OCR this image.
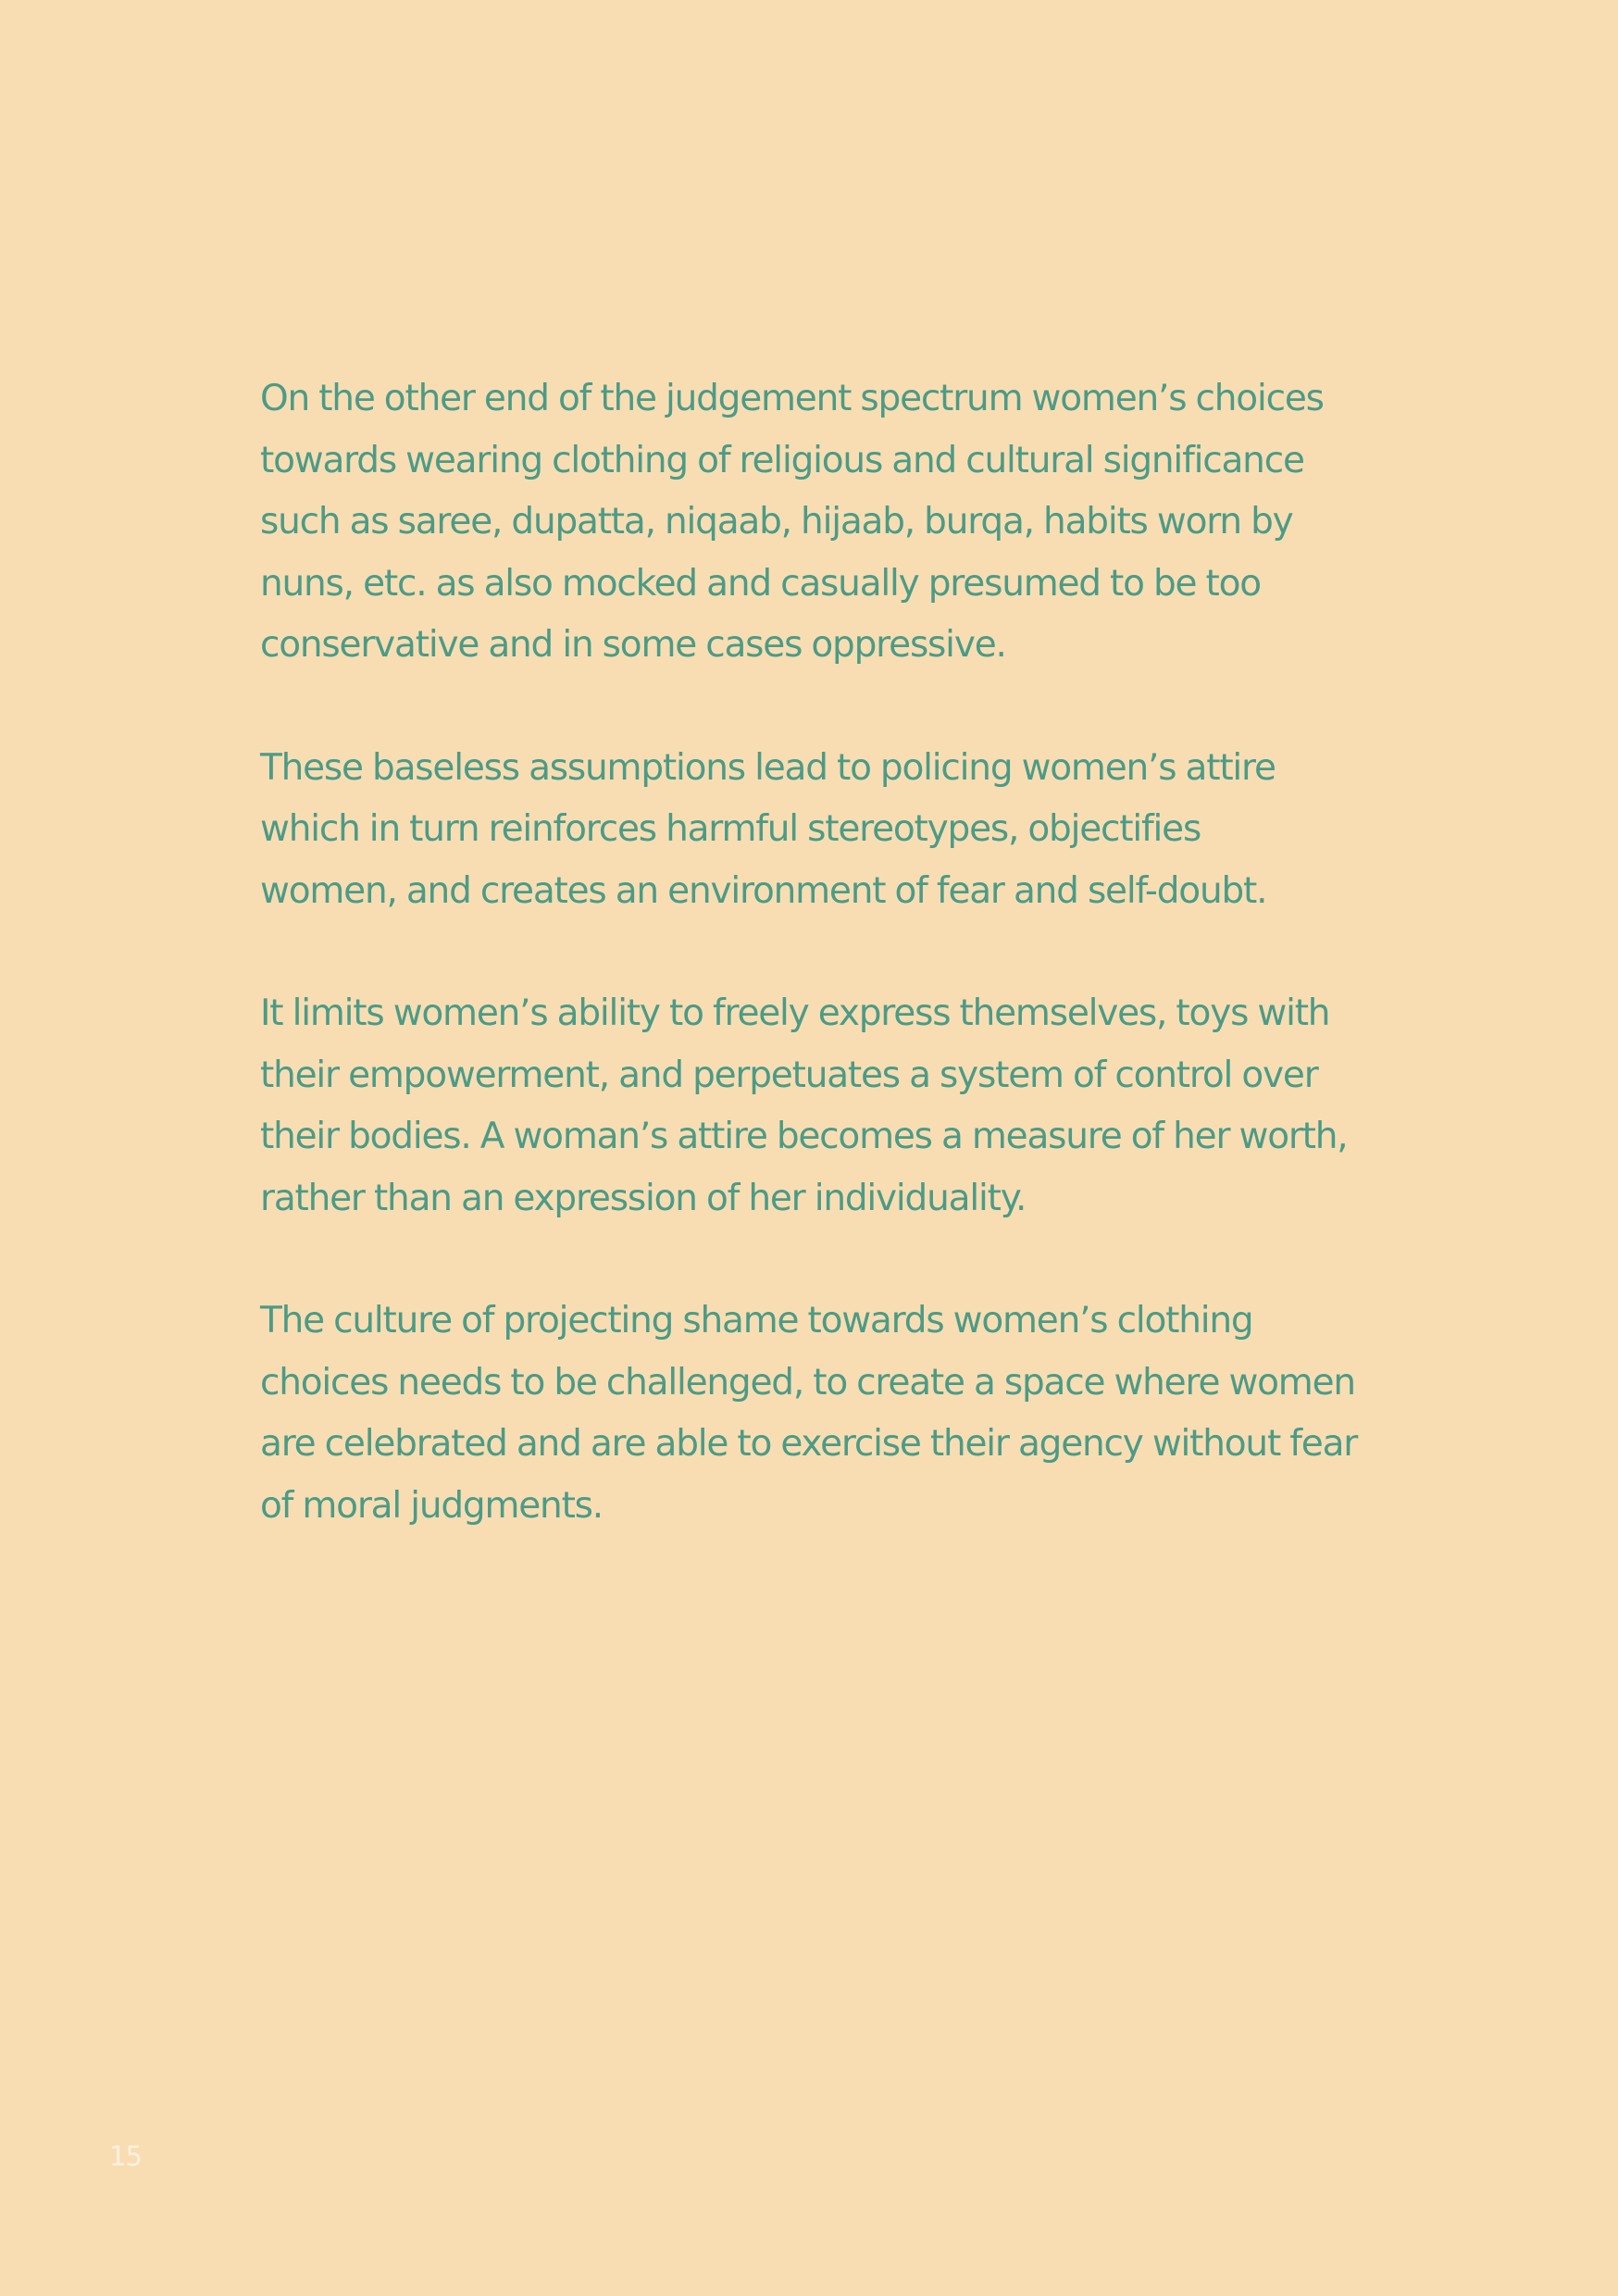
On the other end of the judgement spectrum women’s choices
towards wearing clothing of religious and cultural significance
such as saree, dupatta, niqaab, hijaab, burqa, habits worn by
nuns, etc. as also mocked and casually presumed to be too
conservative and in some cases oppressive.

These baseless assumptions lead to policing women’s attire
which in turn reinforces harmful stereotypes, objectifies
women, and creates an environment of fear and self-doubt.

It limits women’s ability to freely express themselves, toys with
their empowerment, and perpetuates a system of control over
their bodies. A woman’s attire becomes a measure of her worth,
rather than an expression of her individuality.

The culture of projecting shame towards women’s clothing
choices needs to be challenged, to create a space where women
are celebrated and are able to exercise their agency without fear
of moral judgments.

15
